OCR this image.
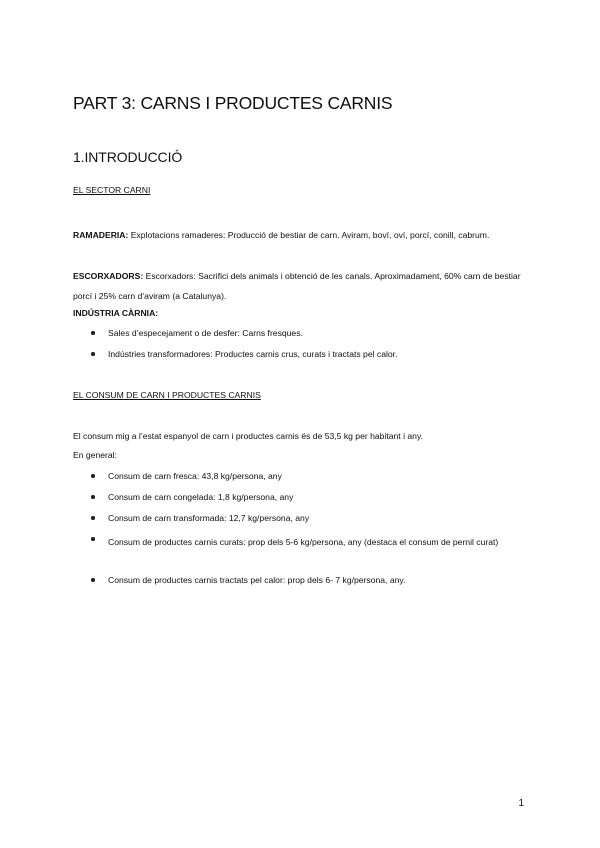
PART 3: CARNS I PRODUCTES CARNIS
1.INTRODUCCIÓ
EL SECTOR CARNI
RAMADERIA: Explotacions ramaderes: Producció de bestiar de carn. Aviram, boví, oví, porcí, conill, cabrum.
ESCORXADORS: Escorxadors: Sacrifici dels animals i obtenció de les canals. Aproximadament, 60% carn de bestiar porcí i 25% carn d’aviram (a Catalunya).
INDÚSTRIA CÀRNIA:
Sales d’especejament o de desfer: Carns fresques.
Indústries transformadores: Productes carnis crus, curats i tractats pel calor.
EL CONSUM DE CARN I PRODUCTES CARNIS
El consum mig a l’estat espanyol de carn i productes carnis és de 53,5 kg per habitant i any.
En general:
Consum de carn fresca: 43,8 kg/persona, any
Consum de carn congelada: 1,8 kg/persona, any
Consum de carn transformada: 12,7 kg/persona, any
Consum de productes carnis curats: prop dels 5-6 kg/persona, any (destaca el consum de pernil curat)
Consum de productes carnis tractats pel calor: prop dels 6- 7 kg/persona, any.
1
